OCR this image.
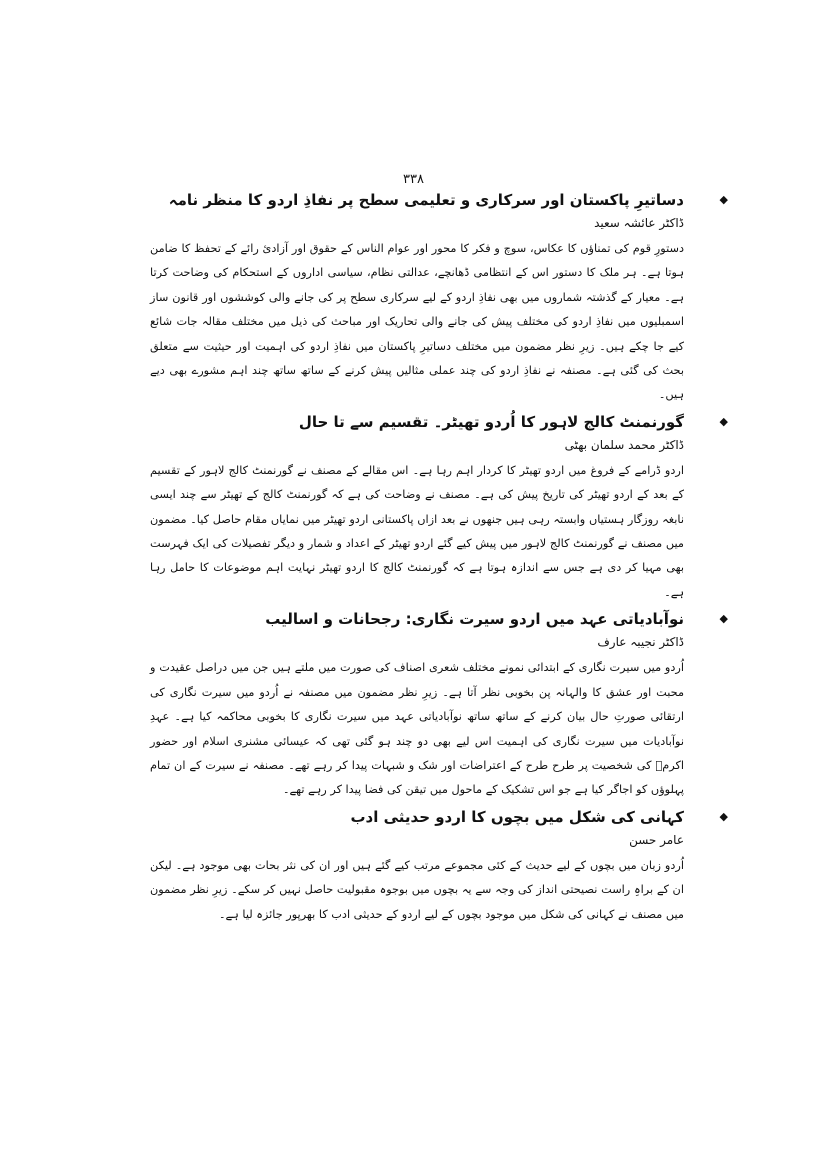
۳۳۸
◆
دساتیرِ پاکستان اور سرکاری و تعلیمی سطح پر نفاذِ اردو کا منظر نامہ
ڈاکٹر عائشہ سعید

دستورِ قوم کی تمناؤں کا عکاس، سوچ و فکر کا محور اور عوام الناس کے حقوق اور آزادیٔ رائے کے تحفظ کا ضامن ہوتا ہے۔ ہر ملک کا دستور اس کے انتظامی ڈھانچے، عدالتی نظام، سیاسی اداروں کے استحکام کی وضاحت کرتا ہے۔ معیار کے گذشتہ شماروں میں بھی نفاذِ اردو کے لیے سرکاری سطح پر کی جانے والی کوششوں اور قانون ساز اسمبلیوں میں نفاذِ اردو کی مختلف پیش کی جانے والی تحاریک اور مباحث کی ذیل میں مختلف مقالہ جات شائع کیے جا چکے ہیں۔ زیرِ نظر مضمون میں مختلف دساتیرِ پاکستان میں نفاذِ اردو کی اہمیت اور حیثیت سے متعلق بحث کی گئی ہے۔ مصنفہ نے نفاذِ اردو کی چند عملی مثالیں پیش کرنے کے ساتھ ساتھ چند اہم مشورے بھی دیے ہیں۔

◆
گورنمنٹ کالج لاہور کا اُردو تھیٹر۔ تقسیم سے تا حال
ڈاکٹر محمد سلمان بھٹی

اردو ڈرامے کے فروغ میں اردو تھیٹر کا کردار اہم رہا ہے۔ اس مقالے کے مصنف نے گورنمنٹ کالج لاہور کے تقسیم کے بعد کے اردو تھیٹر کی تاریخ پیش کی ہے۔ مصنف نے وضاحت کی ہے کہ گورنمنٹ کالج کے تھیٹر سے چند ایسی نابغہ روزگار ہستیاں وابستہ رہی ہیں جنھوں نے بعد ازاں پاکستانی اردو تھیٹر میں نمایاں مقام حاصل کیا۔ مضمون میں مصنف نے گورنمنٹ کالج لاہور میں پیش کیے گئے اردو تھیٹر کے اعداد و شمار و دیگر تفصیلات کی ایک فہرست بھی مہیا کر دی ہے جس سے اندازہ ہوتا ہے کہ گورنمنٹ کالج کا اردو تھیٹر نہایت اہم موضوعات کا حامل رہا ہے۔

◆
نوآبادیاتی عہد میں اردو سیرت نگاری: رجحانات و اسالیب
ڈاکٹر نجیبہ عارف

اُردو میں سیرت نگاری کے ابتدائی نمونے مختلف شعری اصناف کی صورت میں ملتے ہیں جن میں دراصل عقیدت و محبت اور عشق کا والہانہ پن بخوبی نظر آتا ہے۔ زیرِ نظر مضمون میں مصنفہ نے اُردو میں سیرت نگاری کی ارتقائی صورتِ حال بیان کرنے کے ساتھ ساتھ نوآبادیاتی عہد میں سیرت نگاری کا بخوبی محاکمہ کیا ہے۔ عہدِ نوآبادیات میں سیرت نگاری کی اہمیت اس لیے بھی دو چند ہو گئی تھی کہ عیسائی مشنری اسلام اور حضور اکرمؐ کی شخصیت پر طرح طرح کے اعتراضات اور شک و شبہات پیدا کر رہے تھے۔ مصنفہ نے سیرت کے ان تمام پہلوؤں کو اجاگر کیا ہے جو اس تشکیک کے ماحول میں تیقن کی فضا پیدا کر رہے تھے۔

◆
کہانی کی شکل میں بچوں کا اردو حدیثی ادب
عامر حسن

اُردو زبان میں بچوں کے لیے حدیث کے کئی مجموعے مرتب کیے گئے ہیں اور ان کی نثر بحات بھی موجود ہے۔ لیکن ان کے براہِ راست نصیحتی انداز کی وجہ سے یہ بچوں میں بوجوہ مقبولیت حاصل نہیں کر سکے۔ زیرِ نظر مضمون میں مصنف نے کہانی کی شکل میں موجود بچوں کے لیے اردو کے حدیثی ادب کا بھرپور جائزہ لیا ہے۔
